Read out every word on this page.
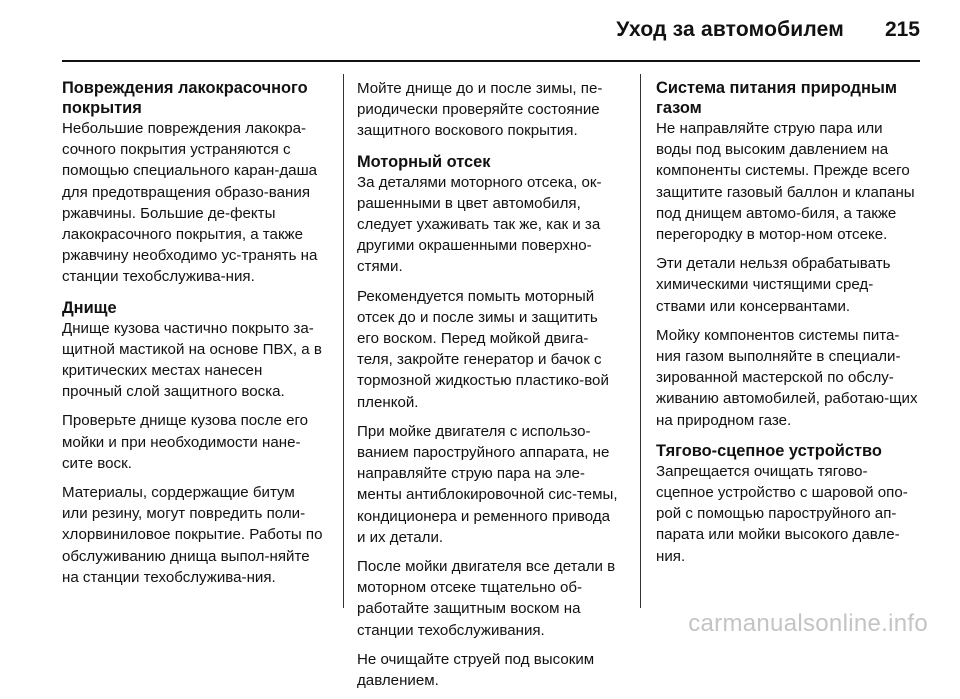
Уход за автомобилем 215
Повреждения лакокрасочного покрытия
Небольшие повреждения лакокра-сочного покрытия устраняются с помощью специального каран-даша для предотвращения образо-вания ржавчины. Большие де-фекты лакокрасочного покрытия, а также ржавчину необходимо ус-транять на станции техобслужива-ния.
Днище
Днище кузова частично покрыто за-щитной мастикой на основе ПВХ, а в критических местах нанесен прочный слой защитного воска.
Проверьте днище кузова после его мойки и при необходимости нане-сите воск.
Материалы, сордержащие битум или резину, могут повредить поли-хлорвиниловое покрытие. Работы по обслуживанию днища выпол-няйте на станции техобслужива-ния.
Мойте днище до и после зимы, пе-риодически проверяйте состояние защитного воскового покрытия.
Моторный отсек
За деталями моторного отсека, ок-рашенными в цвет автомобиля, следует ухаживать так же, как и за другими окрашенными поверхно-стями.
Рекомендуется помыть моторный отсек до и после зимы и защитить его воском. Перед мойкой двига-теля, закройте генератор и бачок с тормозной жидкостью пластико-вой пленкой.
При мойке двигателя с использо-ванием пароструйного аппарата, не направляйте струю пара на эле-менты антиблокировочной сис-темы, кондиционера и ременного привода и их детали.
После мойки двигателя все детали в моторном отсеке тщательно об-работайте защитным воском на станции техобслуживания.
Не очищайте струей под высоким давлением.
Система питания природным газом
Не направляйте струю пара или воды под высоким давлением на компоненты системы. Прежде всего защитите газовый баллон и клапаны под днищем автомо-биля, а также перегородку в мотор-ном отсеке.
Эти детали нельзя обрабатывать химическими чистящими сред-ствами или консервантами.
Мойку компонентов системы пита-ния газом выполняйте в специали-зированной мастерской по обслу-живанию автомобилей, работаю-щих на природном газе.
Тягово-сцепное устройство
Запрещается очищать тягово-сцепное устройство с шаровой опо-рой с помощью пароструйного ап-парата или мойки высокого давле-ния.
carmanualsonline.info
